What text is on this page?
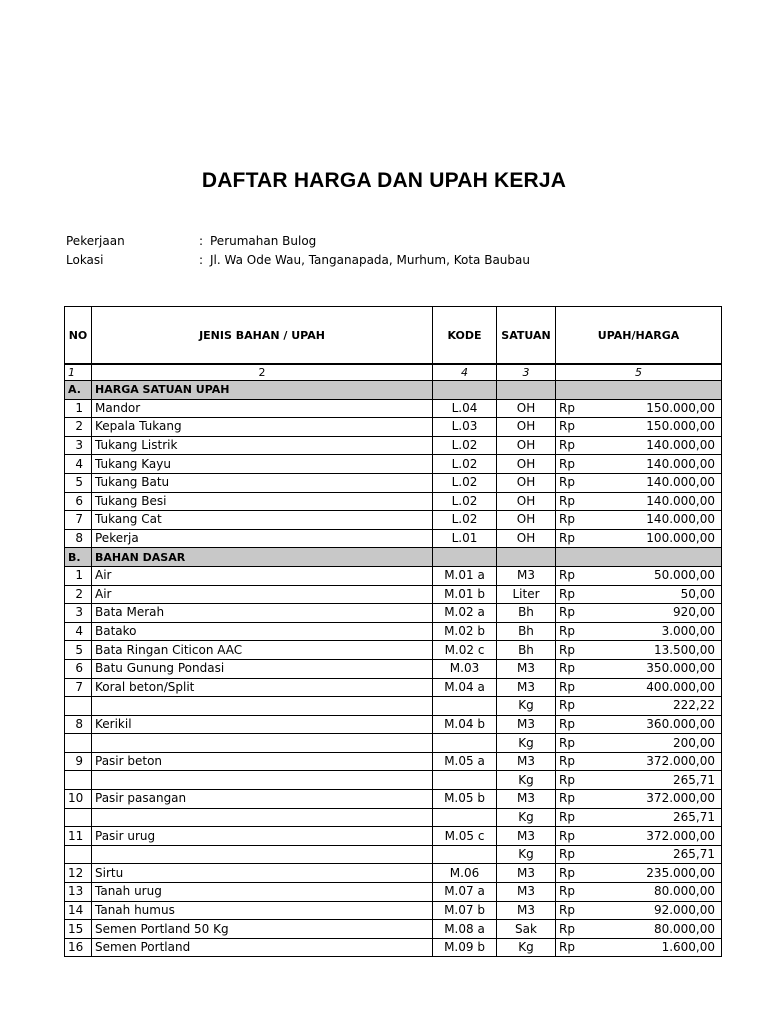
DAFTAR HARGA DAN UPAH KERJA
Pekerjaan	: Perumahan Bulog
Lokasi	: Jl. Wa Ode Wau, Tanganapada, Murhum, Kota Baubau
NO	JENIS BAHAN / UPAH	KODE	SATUAN	UPAH/HARGA	
1	2	4	3	5	
A.	HARGA SATUAN UPAH				
1	Mandor	L.04	OH	Rp	150.000,00
2	Kepala Tukang	L.03	OH	Rp	150.000,00
3	Tukang Listrik	L.02	OH	Rp	140.000,00
4	Tukang Kayu	L.02	OH	Rp	140.000,00
5	Tukang Batu	L.02	OH	Rp	140.000,00
6	Tukang Besi	L.02	OH	Rp	140.000,00
7	Tukang Cat	L.02	OH	Rp	140.000,00
8	Pekerja	L.01	OH	Rp	100.000,00
B.	BAHAN DASAR				
1	Air	M.01 a	M3	Rp	50.000,00
2	Air	M.01 b	Liter	Rp	50,00
3	Bata Merah	M.02 a	Bh	Rp	920,00
4	Batako	M.02 b	Bh	Rp	3.000,00
5	Bata Ringan Citicon AAC	M.02 c	Bh	Rp	13.500,00
6	Batu Gunung Pondasi	M.03	M3	Rp	350.000,00
7	Koral beton/Split	M.04 a	M3	Rp	400.000,00
			Kg	Rp	222,22
8	Kerikil	M.04 b	M3	Rp	360.000,00
			Kg	Rp	200,00
9	Pasir beton	M.05 a	M3	Rp	372.000,00
			Kg	Rp	265,71
10	Pasir pasangan	M.05 b	M3	Rp	372.000,00
			Kg	Rp	265,71
11	Pasir urug	M.05 c	M3	Rp	372.000,00
			Kg	Rp	265,71
12	Sirtu	M.06	M3	Rp	235.000,00
13	Tanah urug	M.07 a	M3	Rp	80.000,00
14	Tanah humus	M.07 b	M3	Rp	92.000,00
15	Semen Portland 50 Kg	M.08 a	Sak	Rp	80.000,00
16	Semen Portland	M.09 b	Kg	Rp	1.600,00
